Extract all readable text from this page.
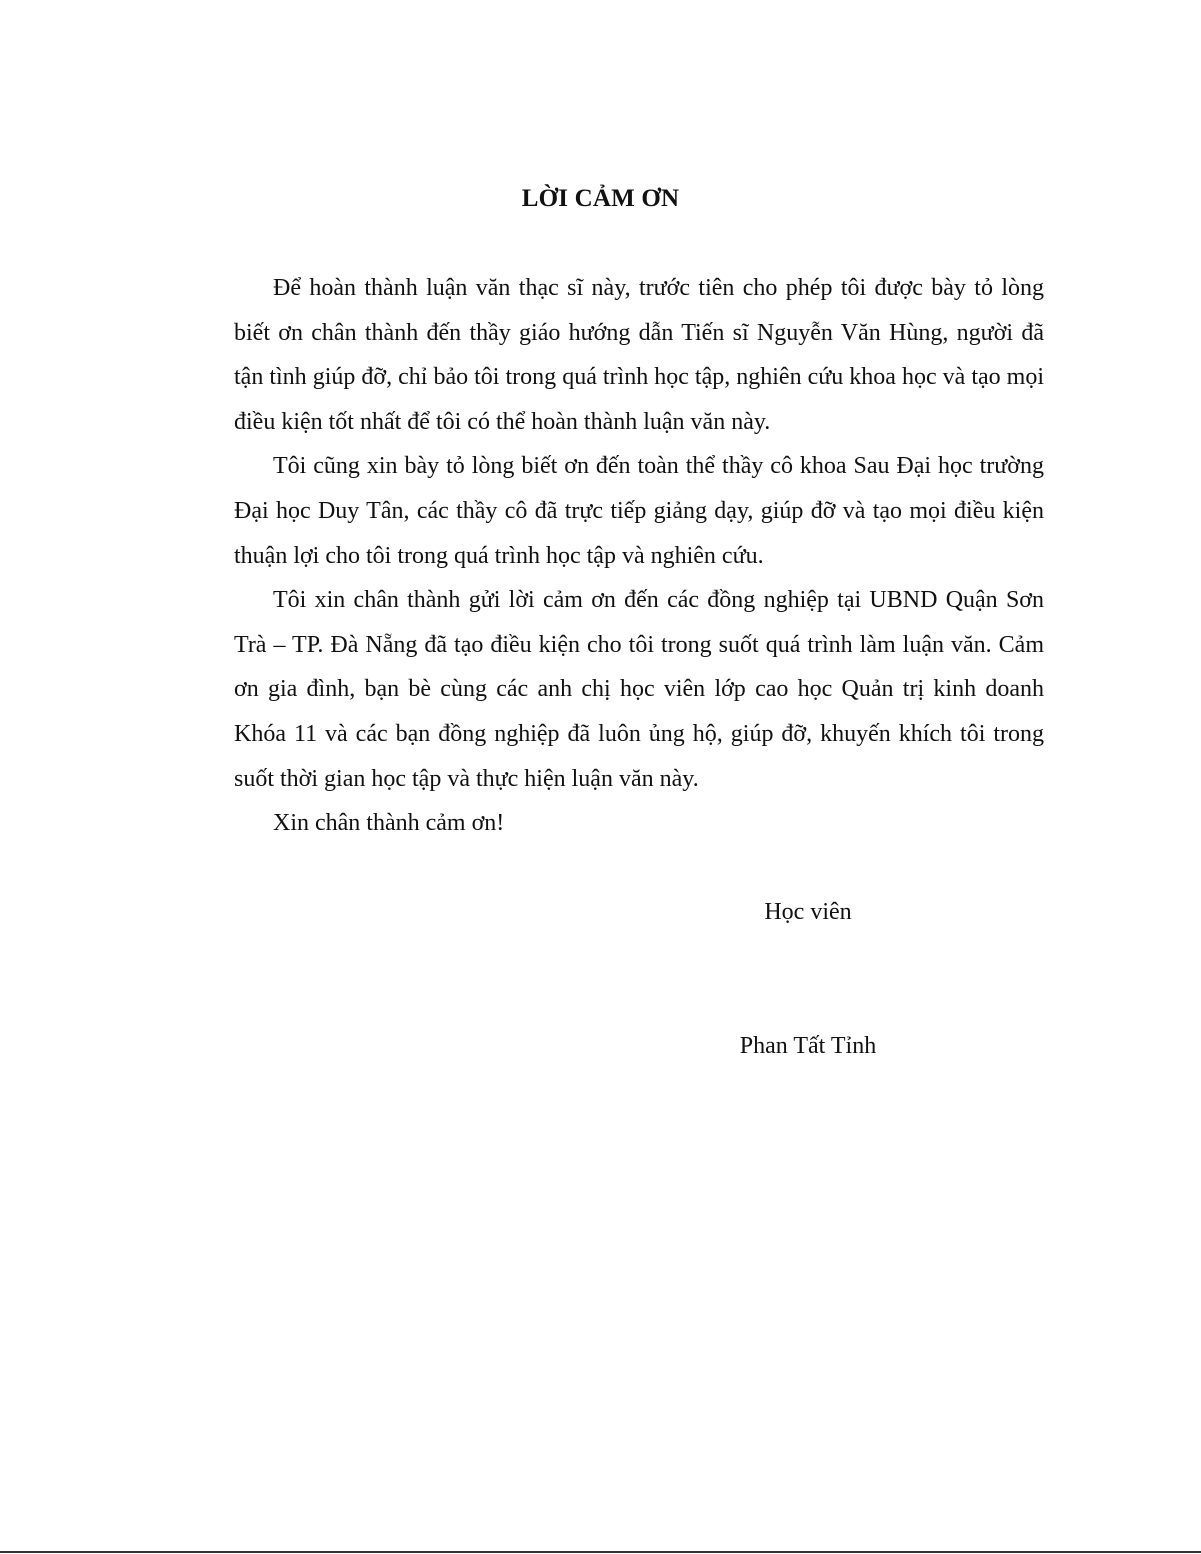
LỜI CẢM ƠN

Để hoàn thành luận văn thạc sĩ này, trước tiên cho phép tôi được bày tỏ lòng biết ơn chân thành đến thầy giáo hướng dẫn Tiến sĩ Nguyễn Văn Hùng, người đã tận tình giúp đỡ, chỉ bảo tôi trong quá trình học tập, nghiên cứu khoa học và tạo mọi điều kiện tốt nhất để tôi có thể hoàn thành luận văn này.

Tôi cũng xin bày tỏ lòng biết ơn đến toàn thể thầy cô khoa Sau Đại học trường Đại học Duy Tân, các thầy cô đã trực tiếp giảng dạy, giúp đỡ và tạo mọi điều kiện thuận lợi cho tôi trong quá trình học tập và nghiên cứu.

Tôi xin chân thành gửi lời cảm ơn đến các đồng nghiệp tại UBND Quận Sơn Trà – TP. Đà Nẵng đã tạo điều kiện cho tôi trong suốt quá trình làm luận văn. Cảm ơn gia đình, bạn bè cùng các anh chị học viên lớp cao học Quản trị kinh doanh Khóa 11 và các bạn đồng nghiệp đã luôn ủng hộ, giúp đỡ, khuyến khích tôi trong suốt thời gian học tập và thực hiện luận văn này.

Xin chân thành cảm ơn!

Học viên
Phan Tất Tỉnh
